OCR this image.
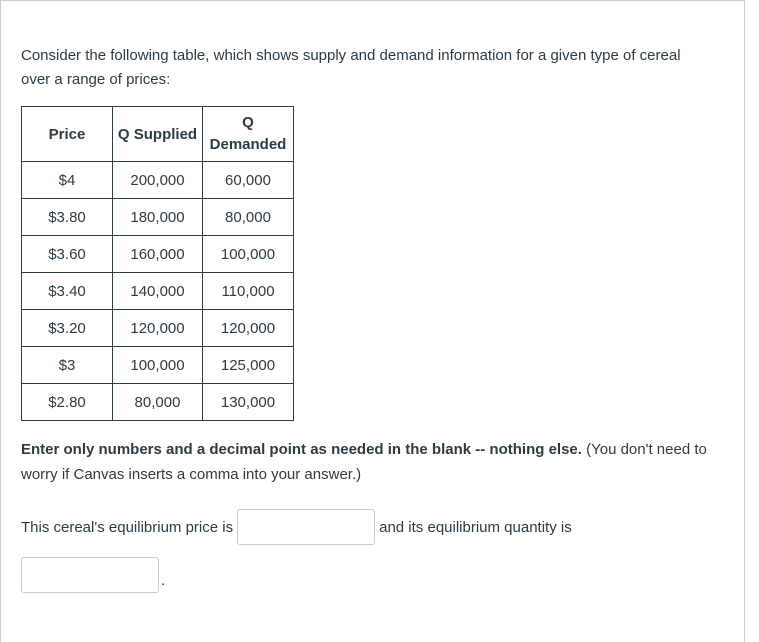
Consider the following table, which shows supply and demand information for a given type of cereal
over a range of prices:

Price	Q Supplied	Q
Demanded

$4	200,000	60,000
$3.80	180,000	80,000
$3.60	160,000	100,000
$3.40	140,000	110,000
$3.20	120,000	120,000
$3	100,000	125,000
$2.80	80,000	130,000

Enter only numbers and a decimal point as needed in the blank -- nothing else. (You don't need to worry if Canvas inserts a comma into your answer.)

This cereal's equilibrium price is	and its equilibrium quantity is
.
